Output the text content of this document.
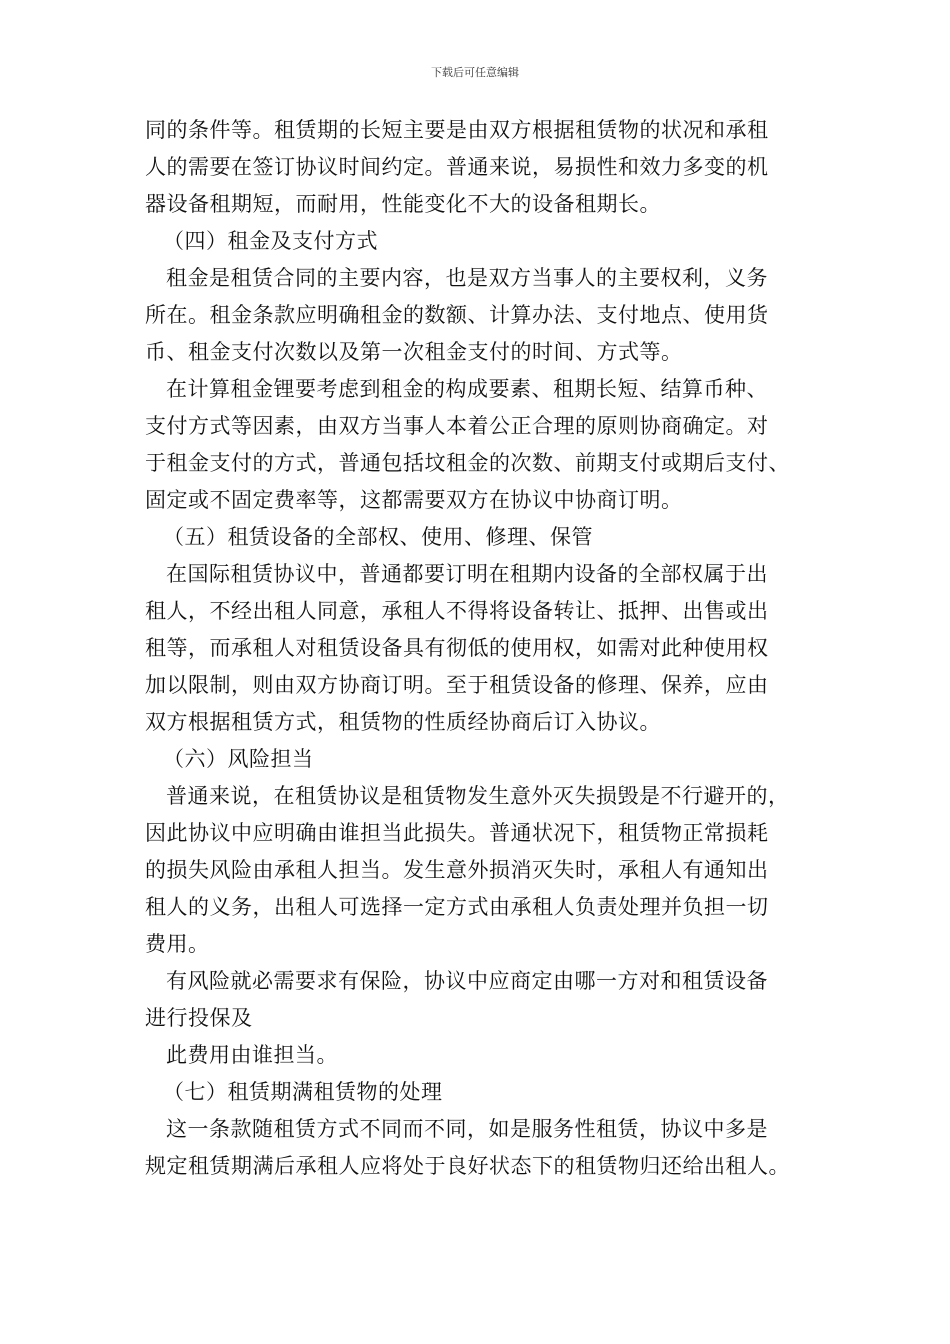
下载后可任意编辑
同的条件等。租赁期的长短主要是由双方根据租赁物的状况和承租
人的需要在签订协议时间约定。普通来说，易损性和效力多变的机
器设备租期短，而耐用，性能变化不大的设备租期长。
（四）租金及支付方式
租金是租赁合同的主要内容，也是双方当事人的主要权利，义务
所在。租金条款应明确租金的数额、计算办法、支付地点、使用货
币、租金支付次数以及第一次租金支付的时间、方式等。
在计算租金锂要考虑到租金的构成要素、租期长短、结算币种、
支付方式等因素，由双方当事人本着公正合理的原则协商确定。对
于租金支付的方式，普通包括坟租金的次数、前期支付或期后支付、
固定或不固定费率等，这都需要双方在协议中协商订明。
（五）租赁设备的全部权、使用、修理、保管
在国际租赁协议中，普通都要订明在租期内设备的全部权属于出
租人，不经出租人同意，承租人不得将设备转让、抵押、出售或出
租等，而承租人对租赁设备具有彻低的使用权，如需对此种使用权
加以限制，则由双方协商订明。至于租赁设备的修理、保养，应由
双方根据租赁方式，租赁物的性质经协商后订入协议。
（六）风险担当
普通来说，在租赁协议是租赁物发生意外灭失损毁是不行避开的，
因此协议中应明确由谁担当此损失。普通状况下，租赁物正常损耗
的损失风险由承租人担当。发生意外损消灭失时，承租人有通知出
租人的义务，出租人可选择一定方式由承租人负责处理并负担一切
费用。
有风险就必需要求有保险，协议中应商定由哪一方对和租赁设备
进行投保及
此费用由谁担当。
（七）租赁期满租赁物的处理
这一条款随租赁方式不同而不同，如是服务性租赁，协议中多是
规定租赁期满后承租人应将处于良好状态下的租赁物归还给出租人。
